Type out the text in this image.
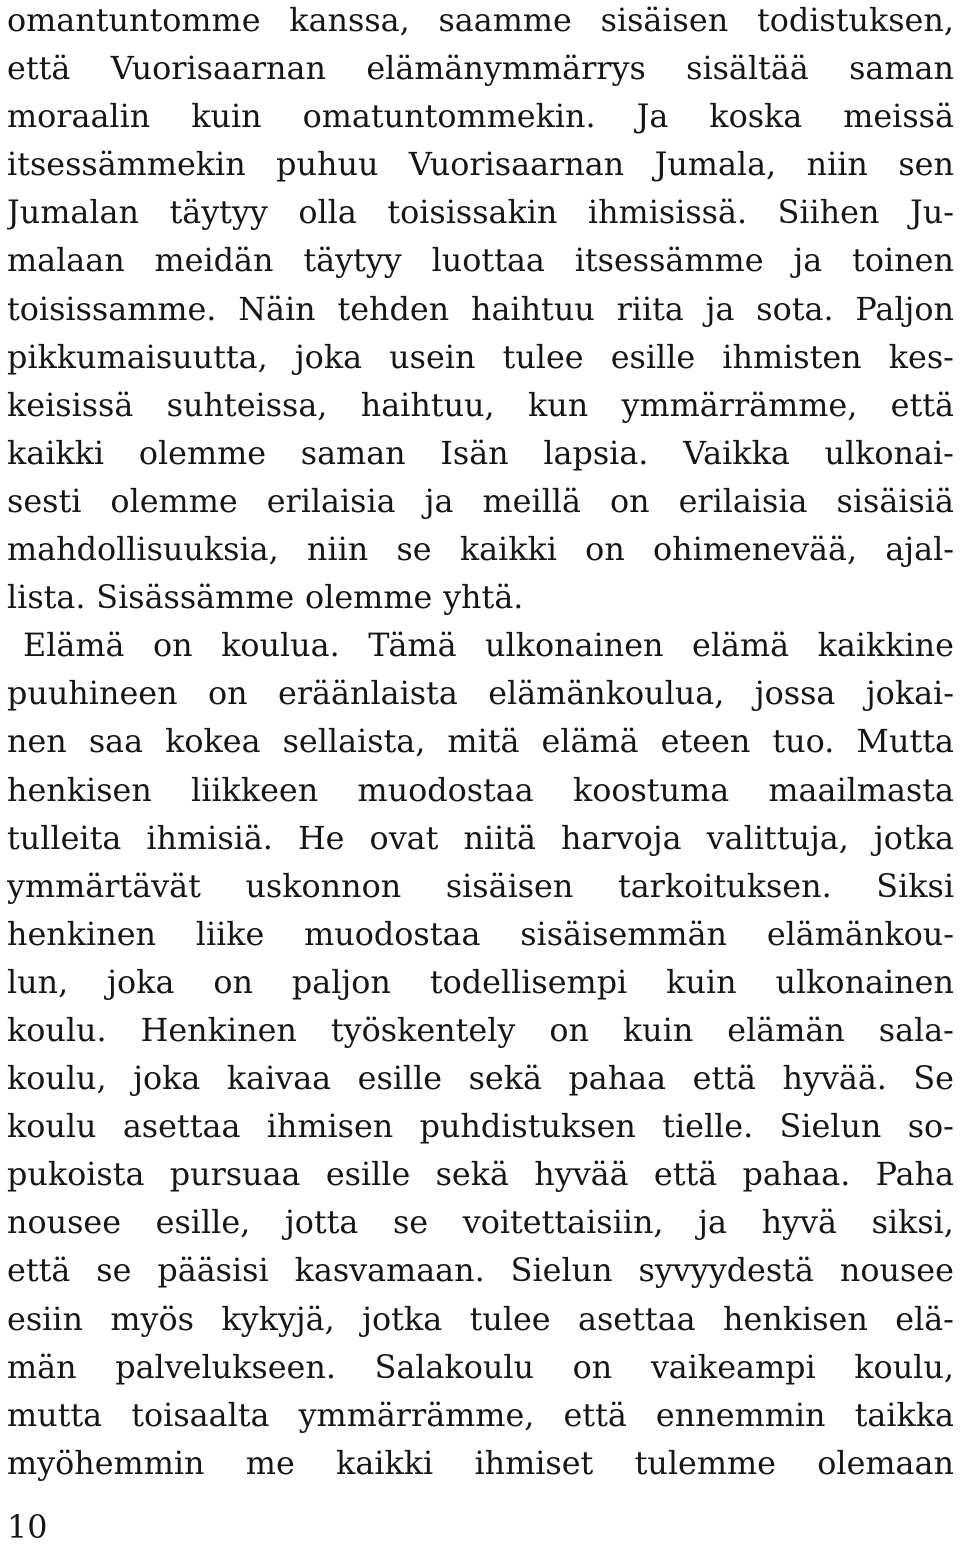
omantuntomme kanssa, saamme sisäisen todistuksen,
että Vuorisaarnan elämänymmärrys sisältää saman
moraalin kuin omatuntommekin. Ja koska meissä
itsessämmekin puhuu Vuorisaarnan Jumala, niin sen
Jumalan täytyy olla toisissakin ihmisissä. Siihen Ju-
malaan meidän täytyy luottaa itsessämme ja toinen
toisissamme. Näin tehden haihtuu riita ja sota. Paljon
pikkumaisuutta, joka usein tulee esille ihmisten kes-
keisissä suhteissa, haihtuu, kun ymmärrämme, että
kaikki olemme saman Isän lapsia. Vaikka ulkonai-
sesti olemme erilaisia ja meillä on erilaisia sisäisiä
mahdollisuuksia, niin se kaikki on ohimenevää, ajal-
lista. Sisässämme olemme yhtä.
Elämä on koulua. Tämä ulkonainen elämä kaikkine
puuhineen on eräänlaista elämänkoulua, jossa jokai-
nen saa kokea sellaista, mitä elämä eteen tuo. Mutta
henkisen liikkeen muodostaa koostuma maailmasta
tulleita ihmisiä. He ovat niitä harvoja valittuja, jotka
ymmärtävät uskonnon sisäisen tarkoituksen. Siksi
henkinen liike muodostaa sisäisemmän elämänkou-
lun, joka on paljon todellisempi kuin ulkonainen
koulu. Henkinen työskentely on kuin elämän sala-
koulu, joka kaivaa esille sekä pahaa että hyvää. Se
koulu asettaa ihmisen puhdistuksen tielle. Sielun so-
pukoista pursuaa esille sekä hyvää että pahaa. Paha
nousee esille, jotta se voitettaisiin, ja hyvä siksi,
että se pääsisi kasvamaan. Sielun syvyydestä nousee
esiin myös kykyjä, jotka tulee asettaa henkisen elä-
män palvelukseen. Salakoulu on vaikeampi koulu,
mutta toisaalta ymmärrämme, että ennemmin taikka
myöhemmin me kaikki ihmiset tulemme olemaan
10
